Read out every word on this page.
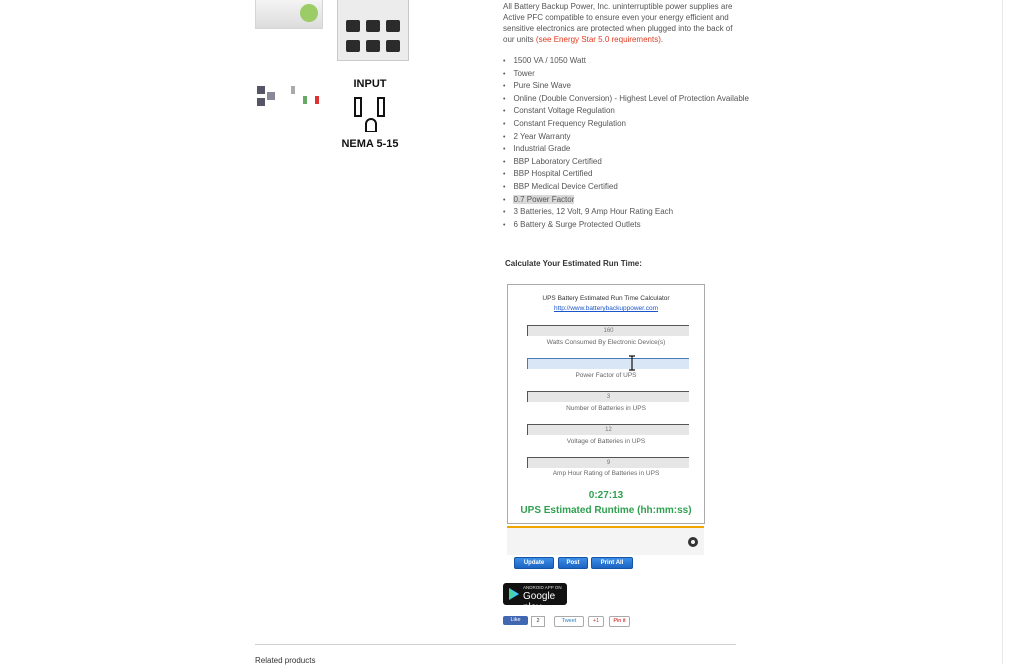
INPUT
NEMA 5-15
All Battery Backup Power, Inc. uninterruptible power supplies are Active PFC compatible to ensure even your energy efficient and sensitive electronics are protected when plugged into the back of our units (see Energy Star 5.0 requirements).
• 1500 VA / 1050 Watt
• Tower
• Pure Sine Wave
• Online (Double Conversion) - Highest Level of Protection Available
• Constant Voltage Regulation
• Constant Frequency Regulation
• 2 Year Warranty
• Industrial Grade
• BBP Laboratory Certified
• BBP Hospital Certified
• BBP Medical Device Certified
• 0.7 Power Factor
• 3 Batteries, 12 Volt, 9 Amp Hour Rating Each
• 6 Battery & Surge Protected Outlets
Calculate Your Estimated Run Time:
UPS Battery Estimated Run Time Calculator
http://www.batterybackuppower.com
160
Watts Consumed By Electronic Device(s)
Power Factor of UPS
3
Number of Batteries in UPS
12
Voltage of Batteries in UPS
9
Amp Hour Rating of Batteries in UPS
0:27:13
UPS Estimated Runtime (hh:mm:ss)
Update	Post	Print All
ANDROID APP ON
Google play
Like	2	Tweet	+1	Pin it
Related products
